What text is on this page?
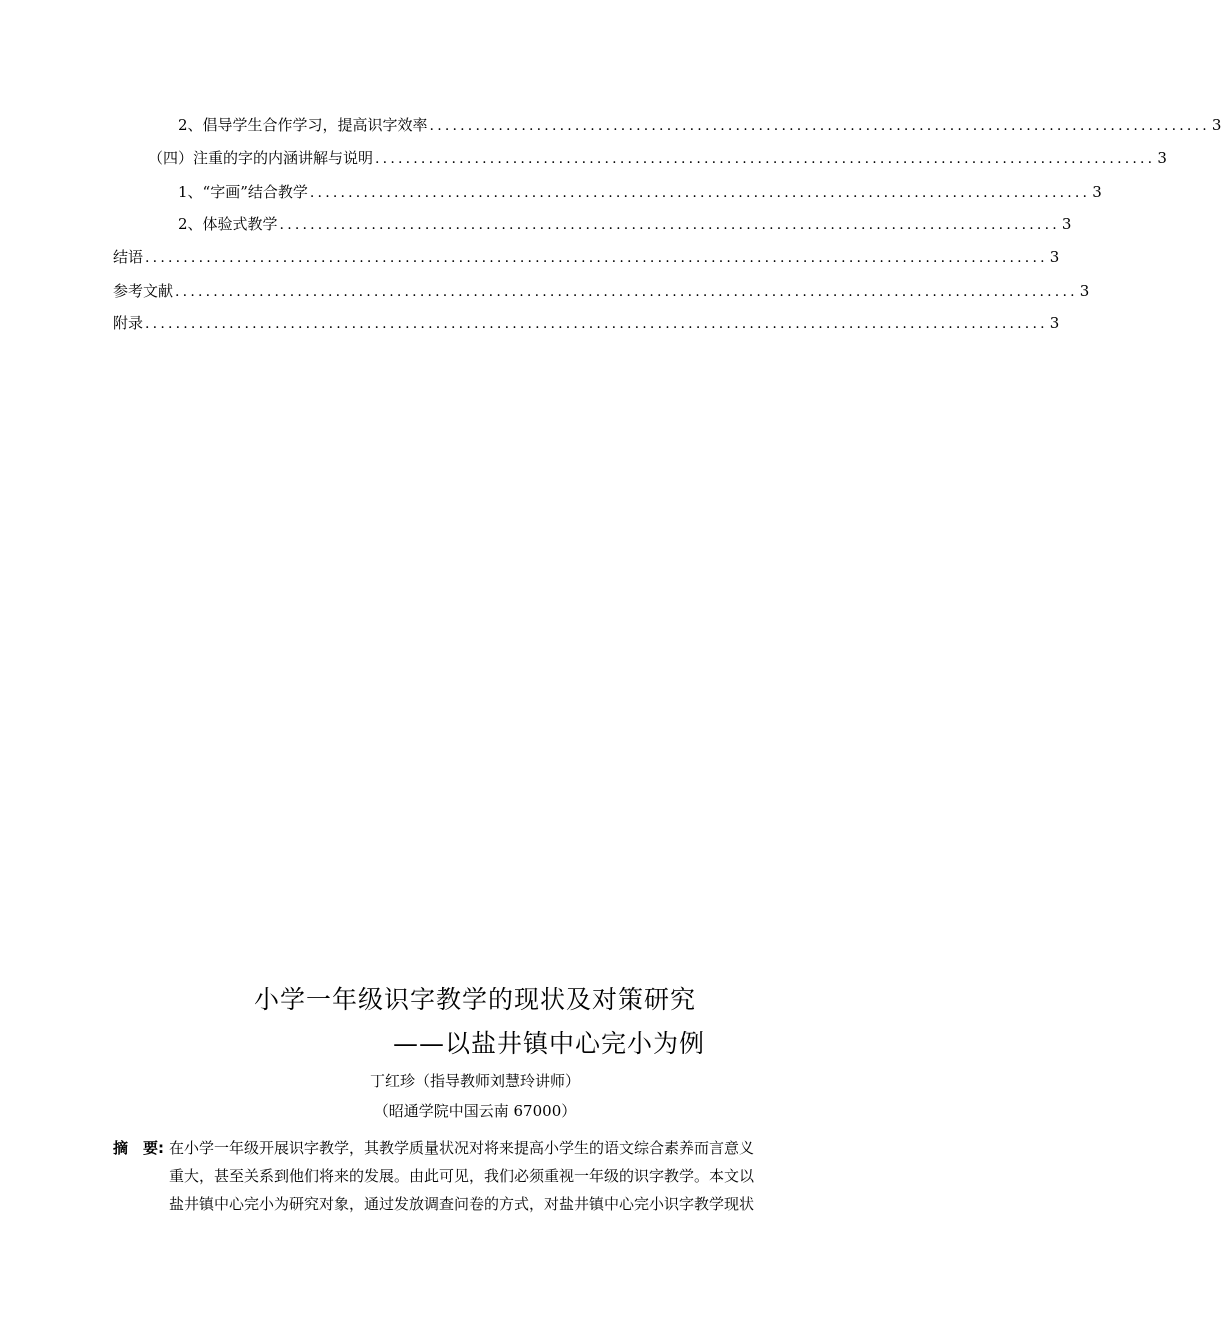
2、倡导学生合作学习，提高识字效率 ...................................................................................................... 3
（四）注重的字的内涵讲解与说明 ...................................................................................................... 3
1、“字画”结合教学 ...................................................................................................... 3
2、体验式教学 ...................................................................................................... 3
结语 ...................................................................................................................... 3
参考文献 ...................................................................................................................... 3
附录 ...................................................................................................................... 3
小学一年级识字教学的现状及对策研究
——以盐井镇中心完小为例
丁红珍（指导教师刘慧玲讲师）
（昭通学院中国云南 67000）
摘　要: 在小学一年级开展识字教学，其教学质量状况对将来提高小学生的语文综合素养而言意义
重大，甚至关系到他们将来的发展。由此可见，我们必须重视一年级的识字教学。本文以
盐井镇中心完小为研究对象，通过发放调查问卷的方式，对盐井镇中心完小识字教学现状
